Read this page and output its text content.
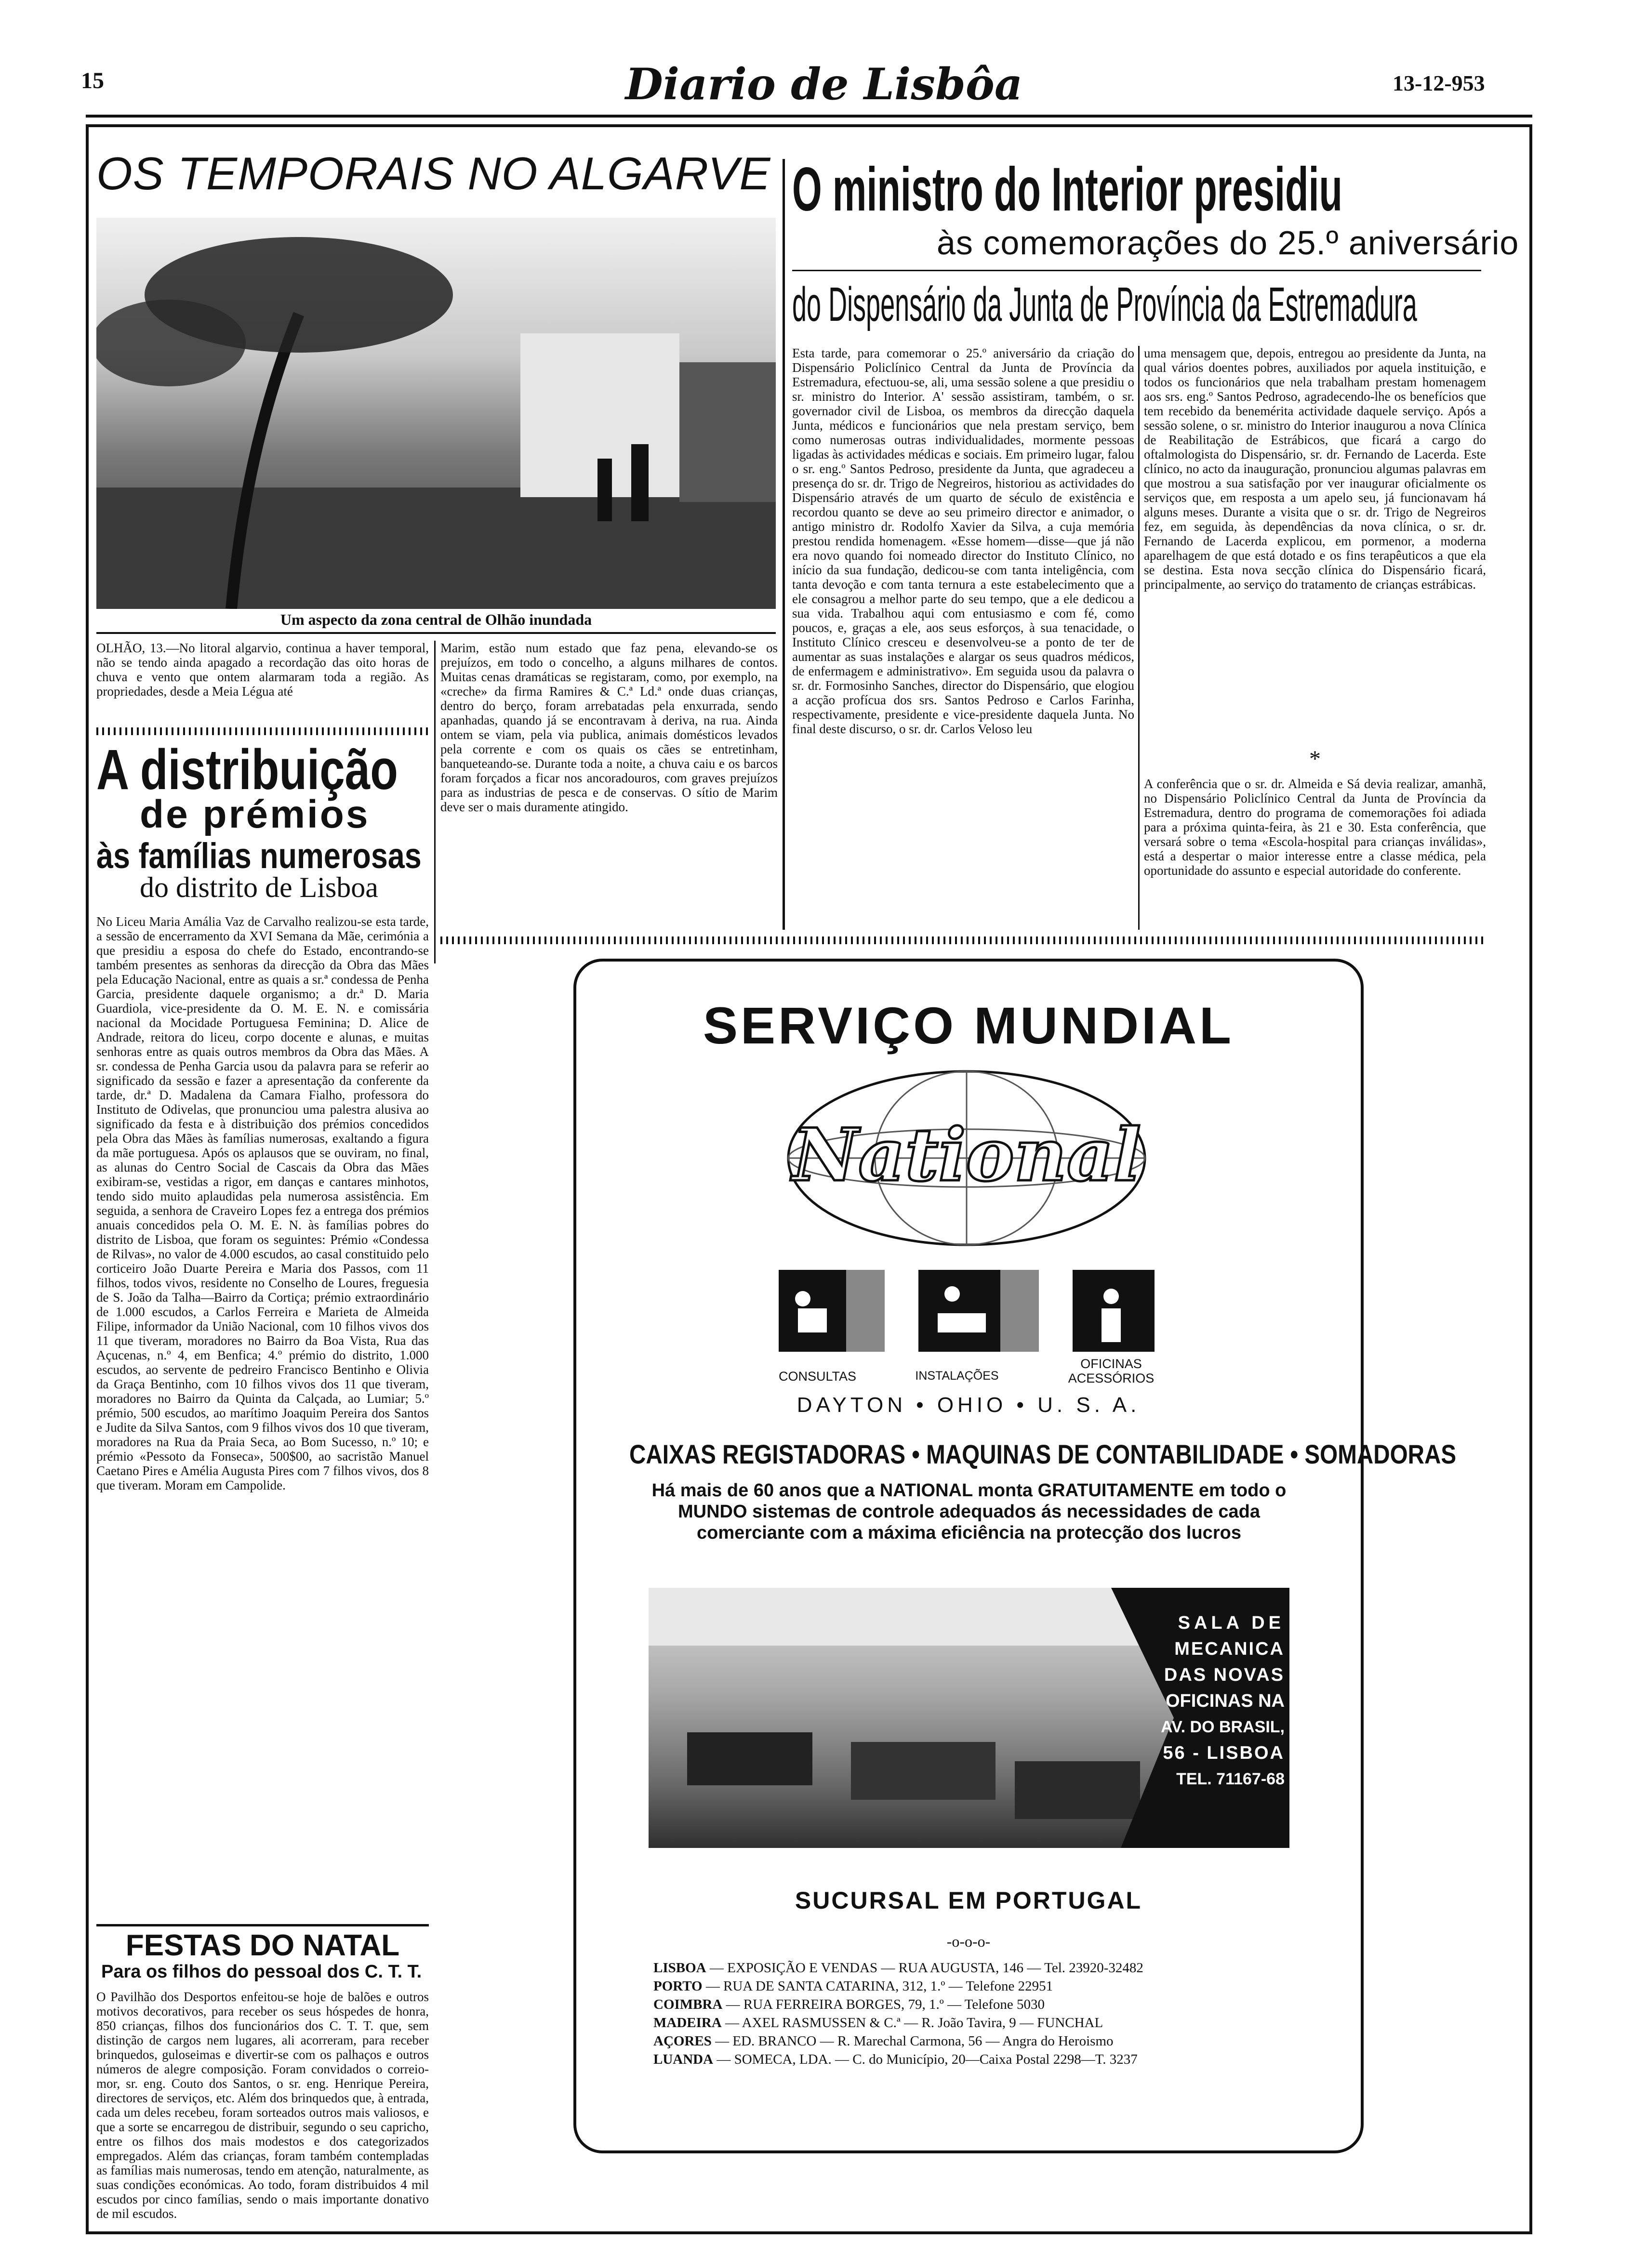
15	Diario de Lisbôa	13-12-953
OS TEMPORAIS NO ALGARVE
Um aspecto da zona central de Olhão inundada
OLHÃO, 13.—No litoral algarvio, continua a haver temporal, não se tendo ainda apagado a recordação das oito horas de chuva e vento que ontem alarmaram toda a região. As propriedades, desde a Meia Légua até
Marim, estão num estado que faz pena, elevando-se os prejuízos, em todo o concelho, a alguns milhares de contos. Muitas cenas dramáticas se registaram, como, por exemplo, na «creche» da firma Ramires & C.ª Ld.ª onde duas crianças, dentro do berço, foram arrebatadas pela enxurrada, sendo apanhadas, quando já se encontravam à deriva, na rua. Ainda ontem se viam, pela via publica, animais domésticos levados pela corrente e com os quais os cães se entretinham, banqueteando-se. Durante toda a noite, a chuva caiu e os barcos foram forçados a ficar nos ancoradouros, com graves prejuízos para as industrias de pesca e de conservas. O sítio de Marim deve ser o mais duramente atingido.
A distribuição
de prémios
às famílias numerosas
do distrito de Lisboa
No Liceu Maria Amália Vaz de Carvalho realizou-se esta tarde, a sessão de encerramento da XVI Semana da Mãe, cerimónia a que presidiu a esposa do chefe do Estado, encontrando-se também presentes as senhoras da direcção da Obra das Mães pela Educação Nacional, entre as quais a sr.ª condessa de Penha Garcia, presidente daquele organismo; a dr.ª D. Maria Guardiola, vice-presidente da O. M. E. N. e comissária nacional da Mocidade Portuguesa Feminina; D. Alice de Andrade, reitora do liceu, corpo docente e alunas, e muitas senhoras entre as quais outros membros da Obra das Mães. A sr. condessa de Penha Garcia usou da palavra para se referir ao significado da sessão e fazer a apresentação da conferente da tarde, dr.ª D. Madalena da Camara Fialho, professora do Instituto de Odivelas, que pronunciou uma palestra alusiva ao significado da festa e à distribuição dos prémios concedidos pela Obra das Mães às famílias numerosas, exaltando a figura da mãe portuguesa. Após os aplausos que se ouviram, no final, as alunas do Centro Social de Cascais da Obra das Mães exibiram-se, vestidas a rigor, em danças e cantares minhotos, tendo sido muito aplaudidas pela numerosa assistência. Em seguida, a senhora de Craveiro Lopes fez a entrega dos prémios anuais concedidos pela O. M. E. N. às famílias pobres do distrito de Lisboa, que foram os seguintes: Prémio «Condessa de Rilvas», no valor de 4.000 escudos, ao casal constituido pelo corticeiro João Duarte Pereira e Maria dos Passos, com 11 filhos, todos vivos, residente no Conselho de Loures, freguesia de S. João da Talha—Bairro da Cortiça; prémio extraordinário de 1.000 escudos, a Carlos Ferreira e Marieta de Almeida Filipe, informador da União Nacional, com 10 filhos vivos dos 11 que tiveram, moradores no Bairro da Boa Vista, Rua das Açucenas, n.º 4, em Benfica; 4.º prémio do distrito, 1.000 escudos, ao servente de pedreiro Francisco Bentinho e Olivia da Graça Bentinho, com 10 filhos vivos dos 11 que tiveram, moradores no Bairro da Quinta da Calçada, ao Lumiar; 5.º prémio, 500 escudos, ao marítimo Joaquim Pereira dos Santos e Judite da Silva Santos, com 9 filhos vivos dos 10 que tiveram, moradores na Rua da Praia Seca, ao Bom Sucesso, n.º 10; e prémio «Pessoto da Fonseca», 500$00, ao sacristão Manuel Caetano Pires e Amélia Augusta Pires com 7 filhos vivos, dos 8 que tiveram. Moram em Campolide.
FESTAS DO NATAL
Para os filhos do pessoal dos C. T. T.
O Pavilhão dos Desportos enfeitou-se hoje de balões e outros motivos decorativos, para receber os seus hóspedes de honra, 850 crianças, filhos dos funcionários dos C. T. T. que, sem distinção de cargos nem lugares, ali acorreram, para receber brinquedos, guloseimas e divertir-se com os palhaços e outros números de alegre composição. Foram convidados o correio-mor, sr. eng. Couto dos Santos, o sr. eng. Henrique Pereira, directores de serviços, etc. Além dos brinquedos que, à entrada, cada um deles recebeu, foram sorteados outros mais valiosos, e que a sorte se encarregou de distribuir, segundo o seu capricho, entre os filhos dos mais modestos e dos categorizados empregados. Além das crianças, foram também contempladas as famílias mais numerosas, tendo em atenção, naturalmente, as suas condições económicas. Ao todo, foram distribuidos 4 mil escudos por cinco famílias, sendo o mais importante donativo de mil escudos.
O ministro do Interior presidiu
às comemorações do 25.º aniversário
do Dispensário da Junta de Província da Estremadura
Esta tarde, para comemorar o 25.º aniversário da criação do Dispensário Policlínico Central da Junta de Província da Estremadura, efectuou-se, ali, uma sessão solene a que presidiu o sr. ministro do Interior. A' sessão assistiram, também, o sr. governador civil de Lisboa, os membros da direcção daquela Junta, médicos e funcionários que nela prestam serviço, bem como numerosas outras individualidades, mormente pessoas ligadas às actividades médicas e sociais. Em primeiro lugar, falou o sr. eng.º Santos Pedroso, presidente da Junta, que agradeceu a presença do sr. dr. Trigo de Negreiros, historiou as actividades do Dispensário através de um quarto de século de existência e recordou quanto se deve ao seu primeiro director e animador, o antigo ministro dr. Rodolfo Xavier da Silva, a cuja memória prestou rendida homenagem. «Esse homem—disse—que já não era novo quando foi nomeado director do Instituto Clínico, no início da sua fundação, dedicou-se com tanta inteligência, com tanta devoção e com tanta ternura a este estabelecimento que a ele consagrou a melhor parte do seu tempo, que a ele dedicou a sua vida. Trabalhou aqui com entusiasmo e com fé, como poucos, e, graças a ele, aos seus esforços, à sua tenacidade, o Instituto Clínico cresceu e desenvolveu-se a ponto de ter de aumentar as suas instalações e alargar os seus quadros médicos, de enfermagem e administrativo». Em seguida usou da palavra o sr. dr. Formosinho Sanches, director do Dispensário, que elogiou a acção profícua dos srs. Santos Pedroso e Carlos Farinha, respectivamente, presidente e vice-presidente daquela Junta. No final deste discurso, o sr. dr. Carlos Veloso leu
uma mensagem que, depois, entregou ao presidente da Junta, na qual vários doentes pobres, auxiliados por aquela instituição, e todos os funcionários que nela trabalham prestam homenagem aos srs. eng.º Santos Pedroso, agradecendo-lhe os benefícios que tem recebido da benemérita actividade daquele serviço. Após a sessão solene, o sr. ministro do Interior inaugurou a nova Clínica de Reabilitação de Estrábicos, que ficará a cargo do oftalmologista do Dispensário, sr. dr. Fernando de Lacerda. Este clínico, no acto da inauguração, pronunciou algumas palavras em que mostrou a sua satisfação por ver inaugurar oficialmente os serviços que, em resposta a um apelo seu, já funcionavam há alguns meses. Durante a visita que o sr. dr. Trigo de Negreiros fez, em seguida, às dependências da nova clínica, o sr. dr. Fernando de Lacerda explicou, em pormenor, a moderna aparelhagem de que está dotado e os fins terapêuticos a que ela se destina. Esta nova secção clínica do Dispensário ficará, principalmente, ao serviço do tratamento de crianças estrábicas.
*
A conferência que o sr. dr. Almeida e Sá devia realizar, amanhã, no Dispensário Policlínico Central da Junta de Província da Estremadura, dentro do programa de comemorações foi adiada para a próxima quinta-feira, às 21 e 30. Esta conferência, que versará sobre o tema «Escola-hospital para crianças inválidas», está a despertar o maior interesse entre a classe médica, pela oportunidade do assunto e especial autoridade do conferente.
SERVIÇO MUNDIAL
National
CONSULTAS	INSTALAÇÕES
OFICINAS ACESSÓRIOS
DAYTON • OHIO • U. S. A.
CAIXAS REGISTADORAS • MAQUINAS DE CONTABILIDADE • SOMADORAS
Há mais de 60 anos que a NATIONAL monta GRATUITAMENTE em todo o MUNDO sistemas de controle adequados ás necessidades de cada comerciante com a máxima eficiência na protecção dos lucros
SALA DE
MECANICA
DAS NOVAS
OFICINAS NA
AV. DO BRASIL,
56 - LISBOA
TEL. 71167-68
SUCURSAL EM PORTUGAL
-o-o-o-
LISBOA — EXPOSIÇÃO E VENDAS — RUA AUGUSTA, 146 — Tel. 23920-32482
PORTO — RUA DE SANTA CATARINA, 312, 1.º — Telefone 22951
COIMBRA — RUA FERREIRA BORGES, 79, 1.º — Telefone 5030
MADEIRA — AXEL RASMUSSEN & C.ª — R. João Tavira, 9 — FUNCHAL
AÇORES — ED. BRANCO — R. Marechal Carmona, 56 — Angra do Heroismo
LUANDA — SOMECA, LDA. — C. do Município, 20—Caixa Postal 2298—T. 3237
